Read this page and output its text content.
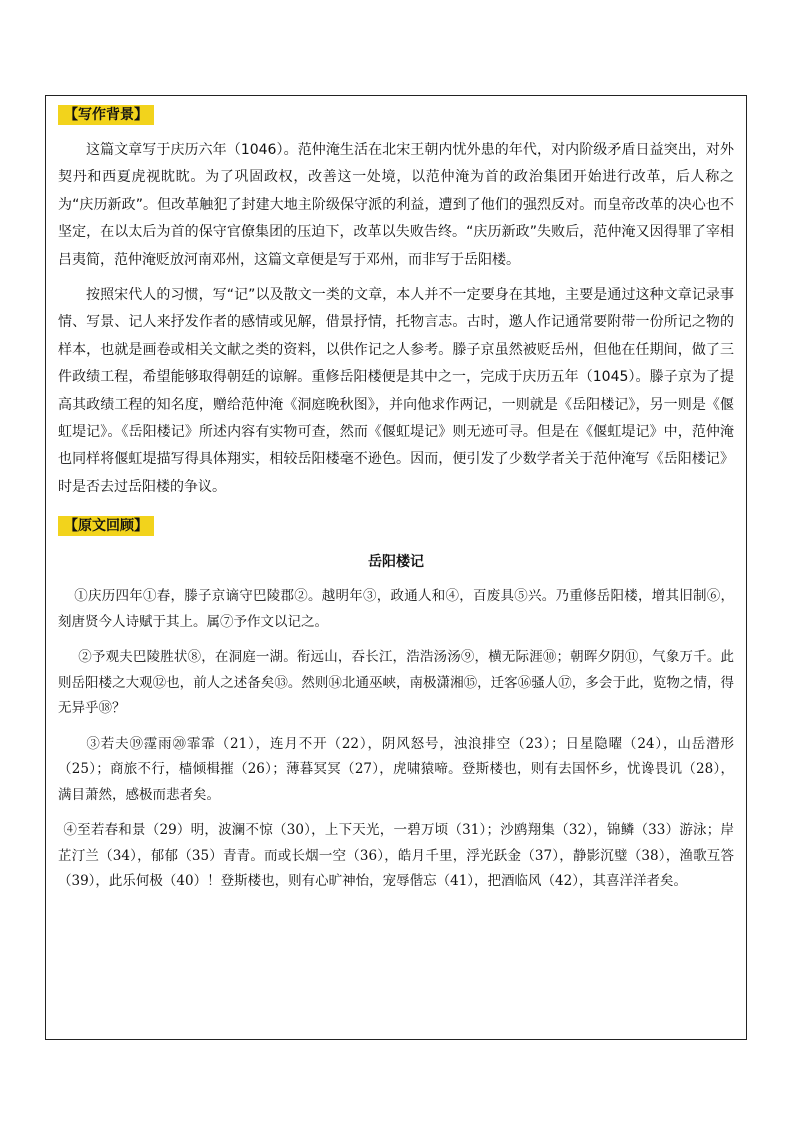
【写作背景】

这篇文章写于庆历六年（1046）。范仲淹生活在北宋王朝内忧外患的年代，对内阶级矛盾日益突出，对外契丹和西夏虎视眈眈。为了巩固政权，改善这一处境，以范仲淹为首的政治集团开始进行改革，后人称之为“庆历新政”。但改革触犯了封建大地主阶级保守派的利益，遭到了他们的强烈反对。而皇帝改革的决心也不坚定，在以太后为首的保守官僚集团的压迫下，改革以失败告终。“庆历新政”失败后，范仲淹又因得罪了宰相吕夷简，范仲淹贬放河南邓州，这篇文章便是写于邓州，而非写于岳阳楼。

按照宋代人的习惯，写“记”以及散文一类的文章，本人并不一定要身在其地，主要是通过这种文章记录事情、写景、记人来抒发作者的感情或见解，借景抒情，托物言志。古时，邀人作记通常要附带一份所记之物的样本，也就是画卷或相关文献之类的资料，以供作记之人参考。滕子京虽然被贬岳州，但他在任期间，做了三件政绩工程，希望能够取得朝廷的谅解。重修岳阳楼便是其中之一，完成于庆历五年（1045）。滕子京为了提高其政绩工程的知名度，赠给范仲淹《洞庭晚秋图》，并向他求作两记，一则就是《岳阳楼记》，另一则是《偃虹堤记》。《岳阳楼记》所述内容有实物可查，然而《偃虹堤记》则无迹可寻。但是在《偃虹堤记》中，范仲淹也同样将偃虹堤描写得具体翔实，相较岳阳楼毫不逊色。因而，便引发了少数学者关于范仲淹写《岳阳楼记》时是否去过岳阳楼的争议。

【原文回顾】

岳阳楼记

①庆历四年①春，滕子京谪守巴陵郡②。越明年③，政通人和④，百废具⑤兴。乃重修岳阳楼，增其旧制⑥，刻唐贤今人诗赋于其上。属⑦予作文以记之。

②予观夫巴陵胜状⑧，在洞庭一湖。衔远山，吞长江，浩浩汤汤⑨，横无际涯⑩；朝晖夕阴⑪，气象万千。此则岳阳楼之大观⑫也，前人之述备矣⑬。然则⑭北通巫峡，南极潇湘⑮，迁客⑯骚人⑰，多会于此，览物之情，得无异乎⑱？

③若夫⑲霪雨⑳霏霏（21），连月不开（22），阴风怒号，浊浪排空（23）；日星隐曜（24），山岳潜形（25）；商旅不行，樯倾楫摧（26）；薄暮冥冥（27），虎啸猿啼。登斯楼也，则有去国怀乡，忧谗畏讥（28），满目萧然，感极而悲者矣。

④至若春和景（29）明，波澜不惊（30），上下天光，一碧万顷（31）；沙鸥翔集（32），锦鳞（33）游泳；岸芷汀兰（34），郁郁（35）青青。而或长烟一空（36），皓月千里，浮光跃金（37），静影沉璧（38），渔歌互答（39），此乐何极（40）！登斯楼也，则有心旷神怡，宠辱偕忘（41），把酒临风（42），其喜洋洋者矣。
